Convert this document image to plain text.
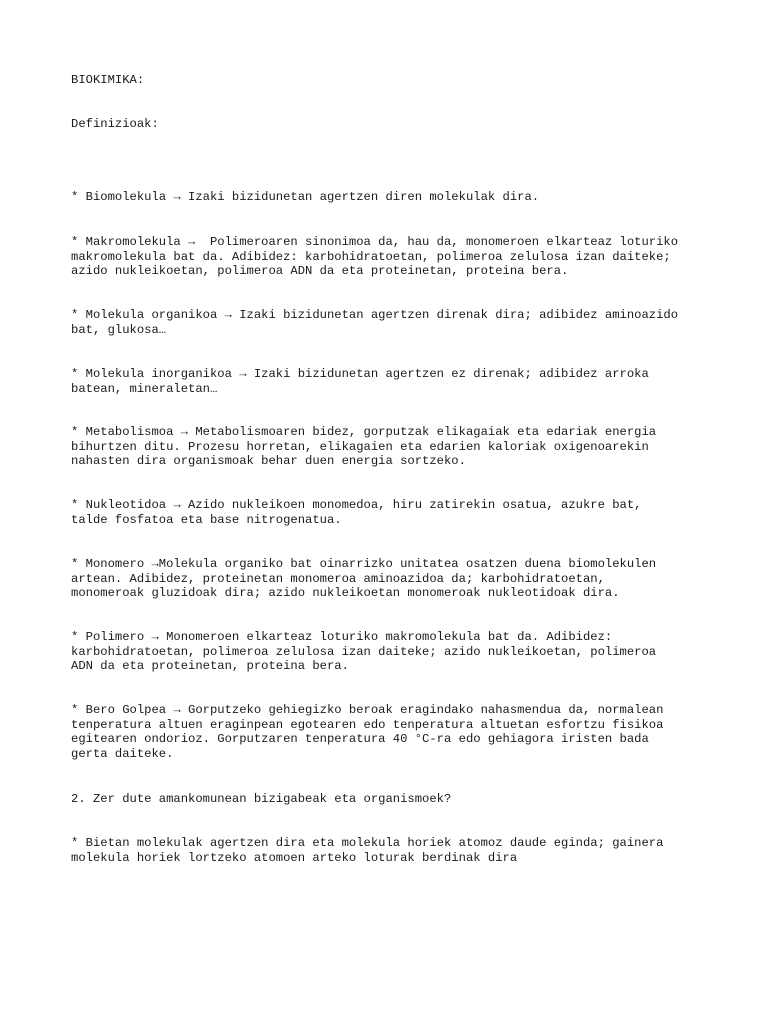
BIOKIMIKA:
Definizioak:
* Biomolekula → Izaki bizidunetan agertzen diren molekulak dira.
* Makromolekula →  Polimeroaren sinonimoa da, hau da, monomeroen elkarteaz loturiko
makromolekula bat da. Adibidez: karbohidratoetan, polimeroa zelulosa izan daiteke;
azido nukleikoetan, polimeroa ADN da eta proteinetan, proteina bera.
* Molekula organikoa → Izaki bizidunetan agertzen direnak dira; adibidez aminoazido
bat, glukosa…
* Molekula inorganikoa → Izaki bizidunetan agertzen ez direnak; adibidez arroka
batean, mineraletan…
* Metabolismoa → Metabolismoaren bidez, gorputzak elikagaiak eta edariak energia
bihurtzen ditu. Prozesu horretan, elikagaien eta edarien kaloriak oxigenoarekin
nahasten dira organismoak behar duen energia sortzeko.
* Nukleotidoa → Azido nukleikoen monomedoa, hiru zatirekin osatua, azukre bat,
talde fosfatoa eta base nitrogenatua.
* Monomero →Molekula organiko bat oinarrizko unitatea osatzen duena biomolekulen
artean. Adibidez, proteinetan monomeroa aminoazidoa da; karbohidratoetan,
monomeroak gluzidoak dira; azido nukleikoetan monomeroak nukleotidoak dira.
* Polimero → Monomeroen elkarteaz loturiko makromolekula bat da. Adibidez:
karbohidratoetan, polimeroa zelulosa izan daiteke; azido nukleikoetan, polimeroa
ADN da eta proteinetan, proteina bera.
* Bero Golpea → Gorputzeko gehiegizko beroak eragindako nahasmendua da, normalean
tenperatura altuen eraginpean egotearen edo tenperatura altuetan esfortzu fisikoa
egitearen ondorioz. Gorputzaren tenperatura 40 °C-ra edo gehiagora iristen bada
gerta daiteke.
2. Zer dute amankomunean bizigabeak eta organismoek?
* Bietan molekulak agertzen dira eta molekula horiek atomoz daude eginda; gainera
molekula horiek lortzeko atomoen arteko loturak berdinak dira
